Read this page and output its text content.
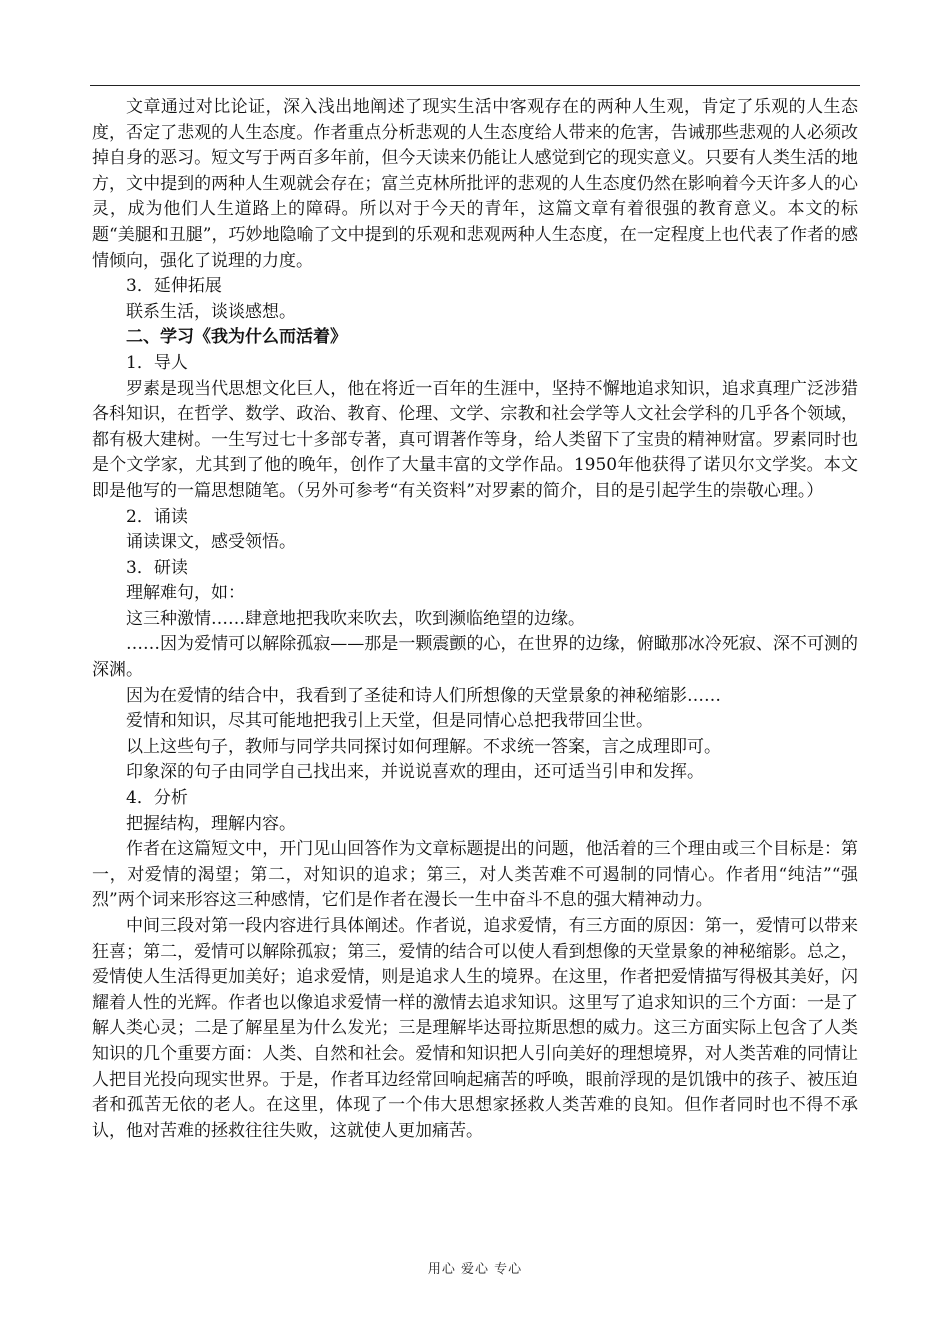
文章通过对比论证，深入浅出地阐述了现实生活中客观存在的两种人生观，肯定了乐观的人生态度，否定了悲观的人生态度。作者重点分析悲观的人生态度给人带来的危害，告诫那些悲观的人必须改掉自身的恶习。短文写于两百多年前，但今天读来仍能让人感觉到它的现实意义。只要有人类生活的地方，文中提到的两种人生观就会存在；富兰克林所批评的悲观的人生态度仍然在影响着今天许多人的心灵，成为他们人生道路上的障碍。所以对于今天的青年，这篇文章有着很强的教育意义。本文的标题“美腿和丑腿”，巧妙地隐喻了文中提到的乐观和悲观两种人生态度，在一定程度上也代表了作者的感情倾向，强化了说理的力度。

3．延伸拓展

联系生活，谈谈感想。

二、学习《我为什么而活着》

1．导人

罗素是现当代思想文化巨人，他在将近一百年的生涯中，坚持不懈地追求知识，追求真理广泛涉猎各科知识，在哲学、数学、政治、教育、伦理、文学、宗教和社会学等人文社会学科的几乎各个领域，都有极大建树。一生写过七十多部专著，真可谓著作等身，给人类留下了宝贵的精神财富。罗素同时也是个文学家，尤其到了他的晚年，创作了大量丰富的文学作品。1950年他获得了诺贝尔文学奖。本文即是他写的一篇思想随笔。（另外可参考“有关资料”对罗素的简介，目的是引起学生的崇敬心理。）

2．诵读

诵读课文，感受领悟。

3．研读

理解难句，如：

这三种激情……肆意地把我吹来吹去，吹到濒临绝望的边缘。

……因为爱情可以解除孤寂——那是一颗震颤的心，在世界的边缘，俯瞰那冰冷死寂、深不可测的深渊。

因为在爱情的结合中，我看到了圣徒和诗人们所想像的天堂景象的神秘缩影……

爱情和知识，尽其可能地把我引上天堂，但是同情心总把我带回尘世。

以上这些句子，教师与同学共同探讨如何理解。不求统一答案，言之成理即可。

印象深的句子由同学自己找出来，并说说喜欢的理由，还可适当引申和发挥。

4．分析

把握结构，理解内容。

作者在这篇短文中，开门见山回答作为文章标题提出的问题，他活着的三个理由或三个目标是：第一，对爱情的渴望；第二，对知识的追求；第三，对人类苦难不可遏制的同情心。作者用“纯洁”“强烈”两个词来形容这三种感情，它们是作者在漫长一生中奋斗不息的强大精神动力。

中间三段对第一段内容进行具体阐述。作者说，追求爱情，有三方面的原因：第一，爱情可以带来狂喜；第二，爱情可以解除孤寂；第三，爱情的结合可以使人看到想像的天堂景象的神秘缩影。总之，爱情使人生活得更加美好；追求爱情，则是追求人生的境界。在这里，作者把爱情描写得极其美好，闪耀着人性的光辉。作者也以像追求爱情一样的激情去追求知识。这里写了追求知识的三个方面：一是了解人类心灵；二是了解星星为什么发光；三是理解毕达哥拉斯思想的威力。这三方面实际上包含了人类知识的几个重要方面：人类、自然和社会。爱情和知识把人引向美好的理想境界，对人类苦难的同情让人把目光投向现实世界。于是，作者耳边经常回响起痛苦的呼唤，眼前浮现的是饥饿中的孩子、被压迫者和孤苦无依的老人。在这里，体现了一个伟大思想家拯救人类苦难的良知。但作者同时也不得不承认，他对苦难的拯救往往失败，这就使人更加痛苦。

用心 爱心 专心
